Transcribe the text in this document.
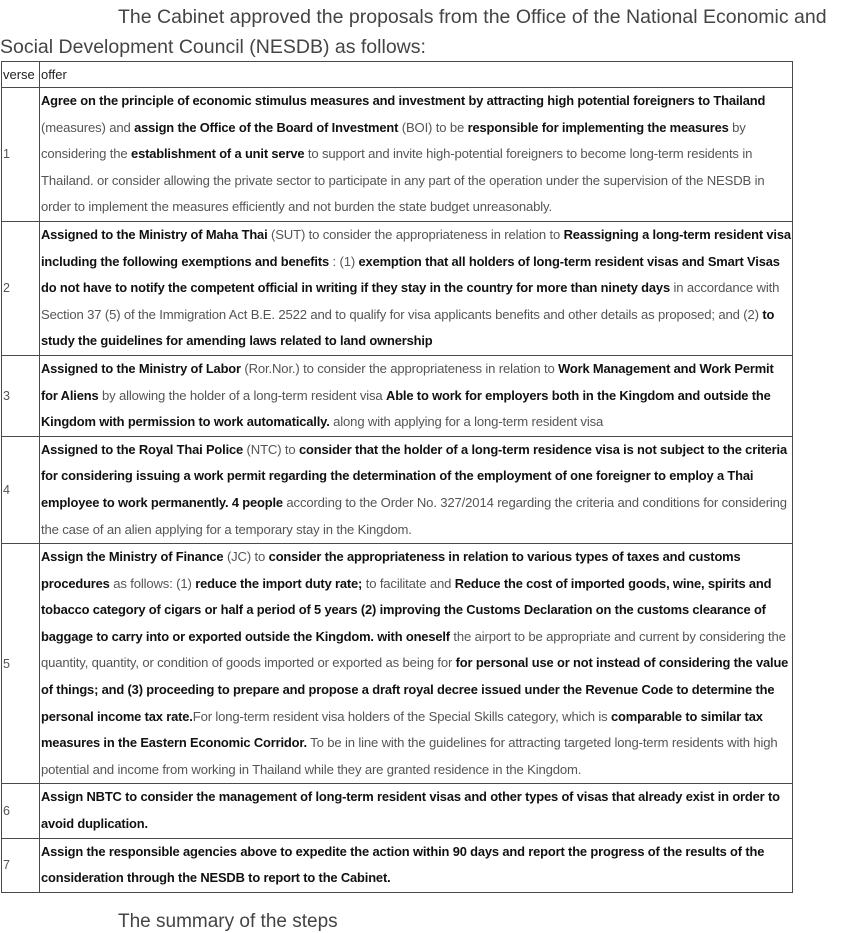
The Cabinet approved the proposals from the Office of the National Economic and
Social Development Council (NESDB) as follows:
verse	offer
1	Agree on the principle of economic stimulus measures and investment by attracting high potential foreigners to Thailand (measures) and assign the Office of the Board of Investment (BOI) to be responsible for implementing the measures by considering the establishment of a unit serve to support and invite high-potential foreigners to become long-term residents in Thailand. or consider allowing the private sector to participate in any part of the operation under the supervision of the NESDB in order to implement the measures efficiently and not burden the state budget unreasonably.
2	Assigned to the Ministry of Maha Thai (SUT) to consider the appropriateness in relation to Reassigning a long-term resident visa including the following exemptions and benefits : (1) exemption that all holders of long-term resident visas and Smart Visas do not have to notify the competent official in writing if they stay in the country for more than ninety days in accordance with Section 37 (5) of the Immigration Act B.E. 2522 and to qualify for visa applicants benefits and other details as proposed; and (2) to study the guidelines for amending laws related to land ownership
3	Assigned to the Ministry of Labor (Ror.Nor.) to consider the appropriateness in relation to Work Management and Work Permit for Aliens by allowing the holder of a long-term resident visa Able to work for employers both in the Kingdom and outside the Kingdom with permission to work automatically. along with applying for a long-term resident visa
4	Assigned to the Royal Thai Police (NTC) to consider that the holder of a long-term residence visa is not subject to the criteria for considering issuing a work permit regarding the determination of the employment of one foreigner to employ a Thai employee to work permanently. 4 people according to the Order No. 327/2014 regarding the criteria and conditions for considering the case of an alien applying for a temporary stay in the Kingdom.
5	Assign the Ministry of Finance (JC) to consider the appropriateness in relation to various types of taxes and customs procedures as follows: (1) reduce the import duty rate; to facilitate and Reduce the cost of imported goods, wine, spirits and tobacco category of cigars or half a period of 5 years (2) improving the Customs Declaration on the customs clearance of baggage to carry into or exported outside the Kingdom. with oneself the airport to be appropriate and current by considering the quantity, quantity, or condition of goods imported or exported as being for for personal use or not instead of considering the value of things; and (3) proceeding to prepare and propose a draft royal decree issued under the Revenue Code to determine the personal income tax rate.For long-term resident visa holders of the Special Skills category, which is comparable to similar tax measures in the Eastern Economic Corridor. To be in line with the guidelines for attracting targeted long-term residents with high potential and income from working in Thailand while they are granted residence in the Kingdom.
6	Assign NBTC to consider the management of long-term resident visas and other types of visas that already exist in order to avoid duplication.
7	Assign the responsible agencies above to expedite the action within 90 days and report the progress of the results of the consideration through the NESDB to report to the Cabinet.
The summary of the steps
